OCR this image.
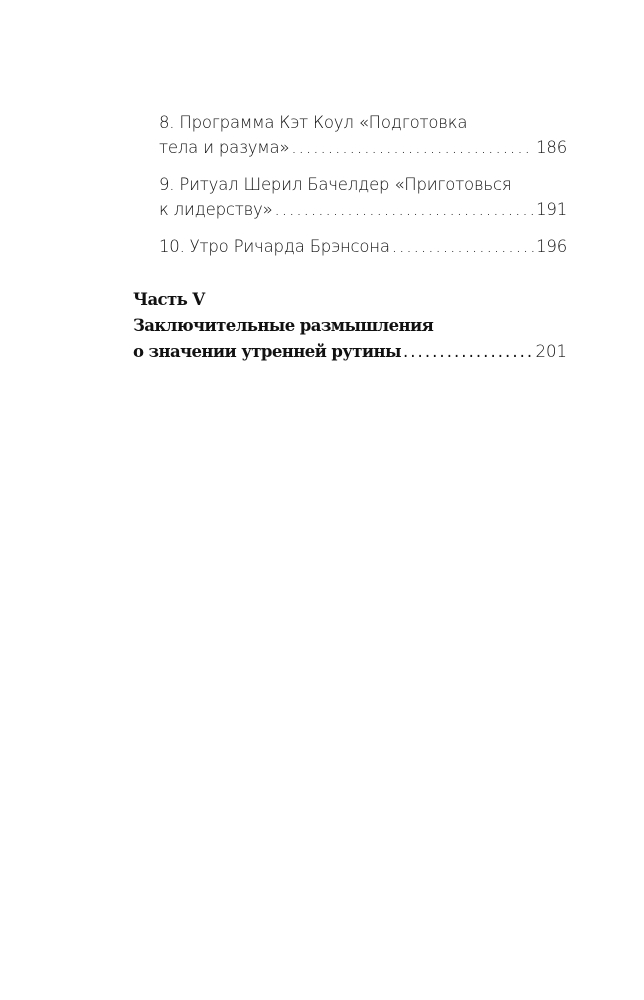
8. Программа Кэт Коул «Подготовка
тела и разума» . . .	186
9. Ритуал Шерил Бачелдер «Приготовься
к лидерству» . . .	191
10. Утро Ричарда Брэнсона . . .	196
Часть V
Заключительные размышления
о значении утренней рутины . . .	201
